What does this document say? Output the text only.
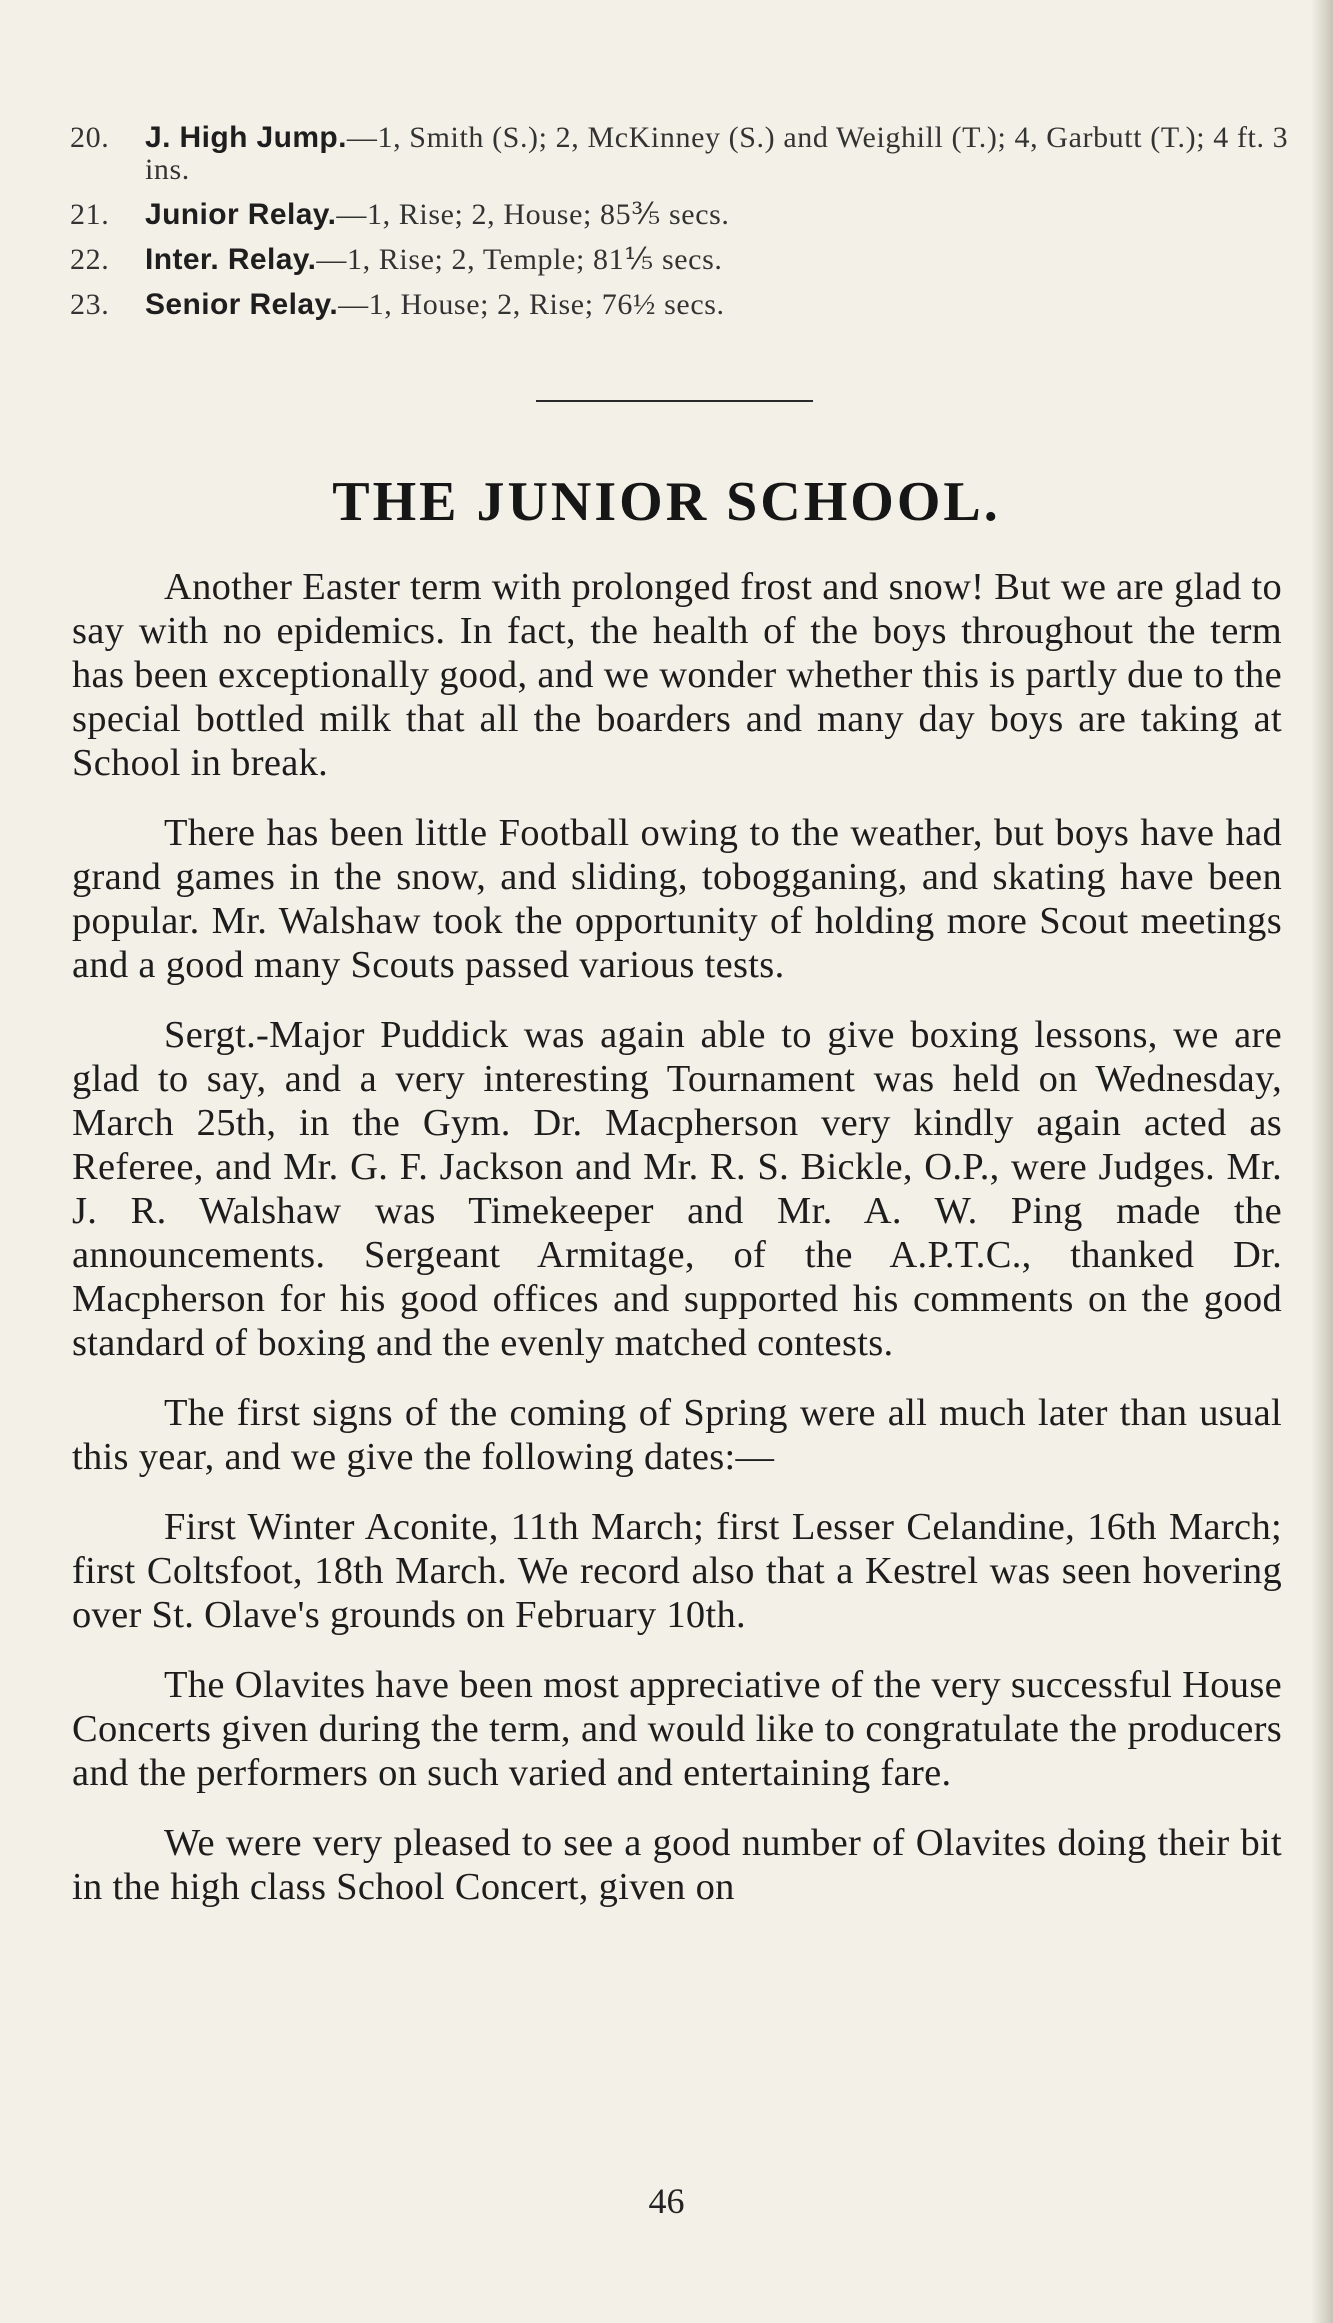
20.	J. High Jump.—1, Smith (S.); 2, McKinney (S.) and Weighill (T.); 4, Garbutt (T.); 4 ft. 3 ins.
21.	Junior Relay.—1, Rise; 2, House; 85⅗ secs.
22.	Inter. Relay.—1, Rise; 2, Temple; 81⅕ secs.
23.	Senior Relay.—1, House; 2, Rise; 76½ secs.
THE JUNIOR SCHOOL.

Another Easter term with prolonged frost and snow! But we are glad to say with no epidemics. In fact, the health of the boys throughout the term has been exceptionally good, and we wonder whether this is partly due to the special bottled milk that all the boarders and many day boys are taking at School in break.

There has been little Football owing to the weather, but boys have had grand games in the snow, and sliding, tobogganing, and skating have been popular. Mr. Walshaw took the opportunity of holding more Scout meetings and a good many Scouts passed various tests.

Sergt.-Major Puddick was again able to give boxing lessons, we are glad to say, and a very interesting Tournament was held on Wednesday, March 25th, in the Gym. Dr. Macpherson very kindly again acted as Referee, and Mr. G. F. Jackson and Mr. R. S. Bickle, O.P., were Judges. Mr. J. R. Walshaw was Timekeeper and Mr. A. W. Ping made the announcements. Sergeant Armitage, of the A.P.T.C., thanked Dr. Macpherson for his good offices and supported his comments on the good standard of boxing and the evenly matched contests.

The first signs of the coming of Spring were all much later than usual this year, and we give the following dates:—

First Winter Aconite, 11th March; first Lesser Celandine, 16th March; first Coltsfoot, 18th March. We record also that a Kestrel was seen hovering over St. Olave's grounds on February 10th.

The Olavites have been most appreciative of the very successful House Concerts given during the term, and would like to congratulate the producers and the performers on such varied and entertaining fare.

We were very pleased to see a good number of Olavites doing their bit in the high class School Concert, given on

46
